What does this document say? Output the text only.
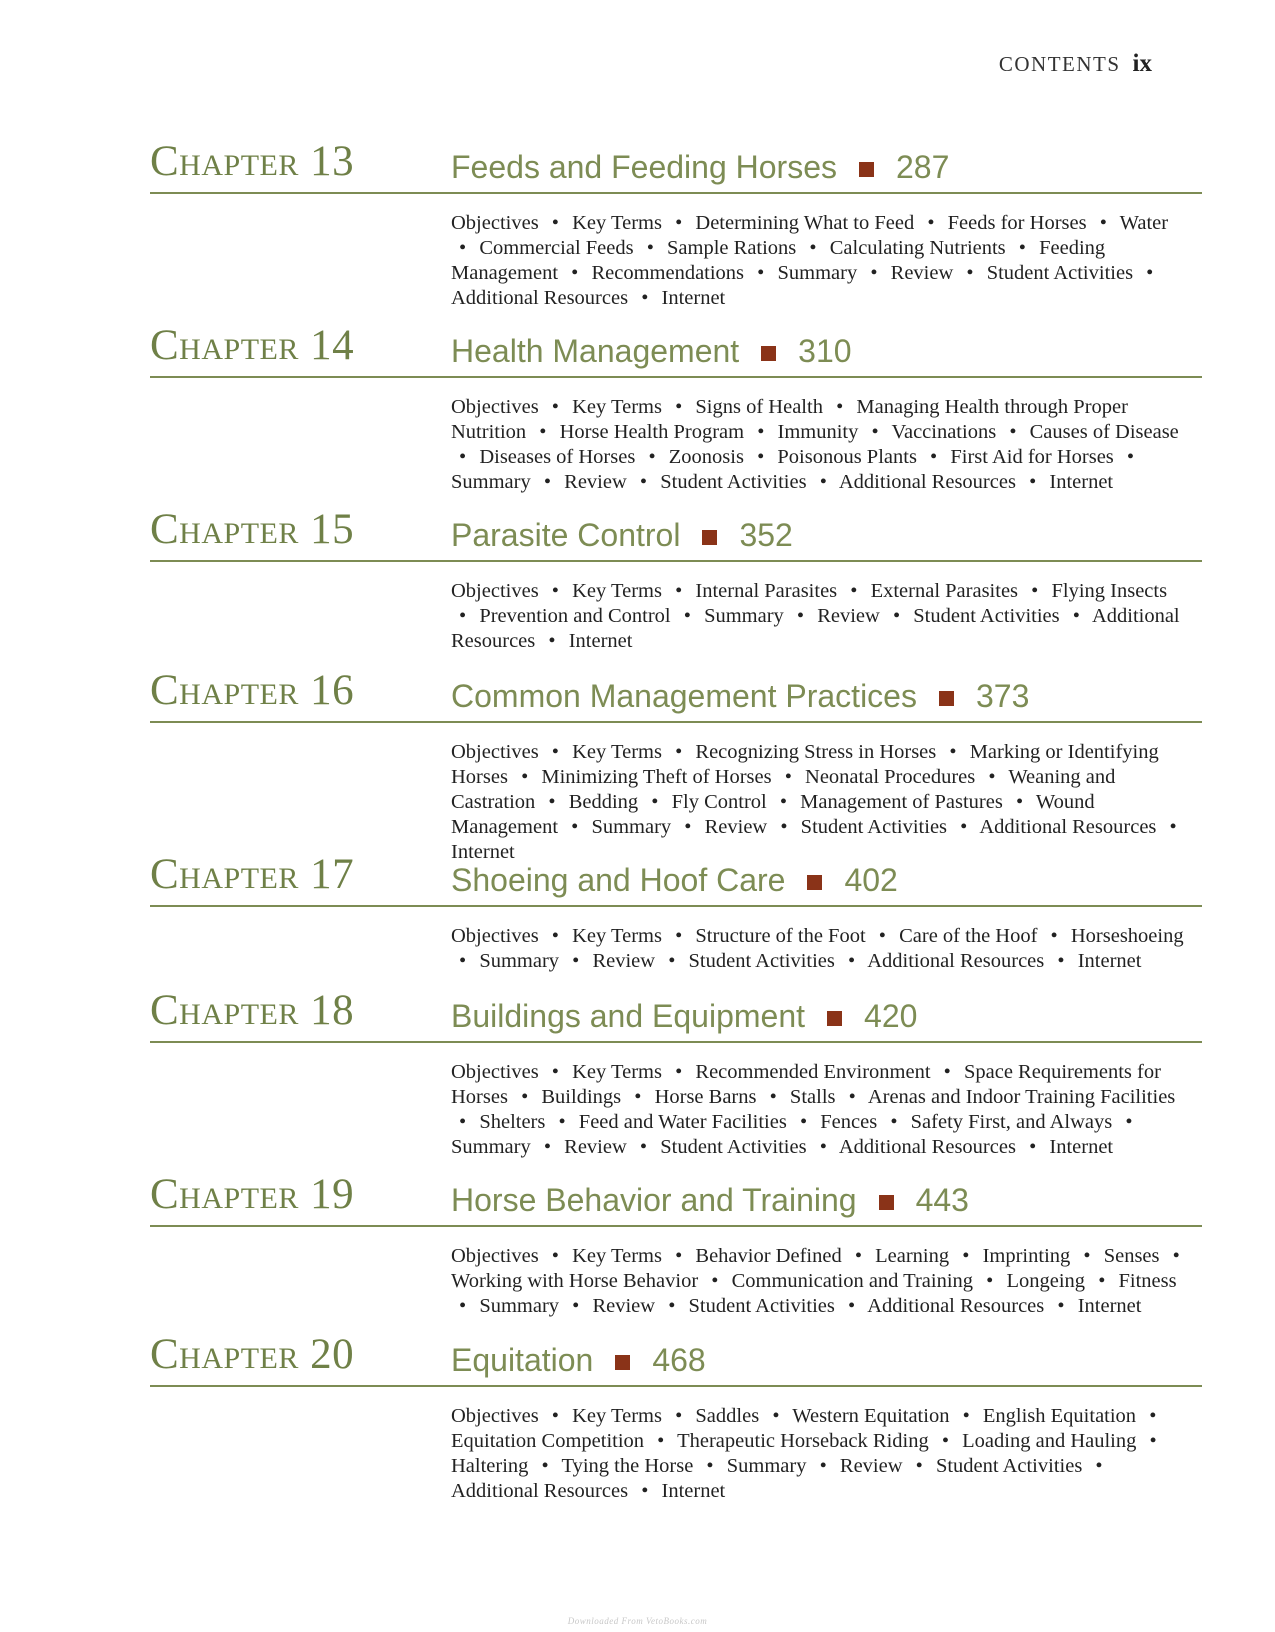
CONTENTS ix
Chapter 13	Feeds and Feeding Horses 287
Objectives • Key Terms • Determining What to Feed • Feeds for Horses • Water • Commercial Feeds • Sample Rations • Calculating Nutrients • Feeding Management • Recommendations • Summary • Review • Student Activities • Additional Resources • Internet
Chapter 14	Health Management 310
Objectives • Key Terms • Signs of Health • Managing Health through Proper Nutrition • Horse Health Program • Immunity • Vaccinations • Causes of Disease • Diseases of Horses • Zoonosis • Poisonous Plants • First Aid for Horses • Summary • Review • Student Activities • Additional Resources • Internet
Chapter 15	Parasite Control 352
Objectives • Key Terms • Internal Parasites • External Parasites • Flying Insects • Prevention and Control • Summary • Review • Student Activities • Additional Resources • Internet
Chapter 16	Common Management Practices 373
Objectives • Key Terms • Recognizing Stress in Horses • Marking or Identifying Horses • Minimizing Theft of Horses • Neonatal Procedures • Weaning and Castration • Bedding • Fly Control • Management of Pastures • Wound Management • Summary • Review • Student Activities • Additional Resources • Internet
Chapter 17	Shoeing and Hoof Care 402
Objectives • Key Terms • Structure of the Foot • Care of the Hoof • Horseshoeing • Summary • Review • Student Activities • Additional Resources • Internet
Chapter 18	Buildings and Equipment 420
Objectives • Key Terms • Recommended Environment • Space Requirements for Horses • Buildings • Horse Barns • Stalls • Arenas and Indoor Training Facilities • Shelters • Feed and Water Facilities • Fences • Safety First, and Always • Summary • Review • Student Activities • Additional Resources • Internet
Chapter 19	Horse Behavior and Training 443
Objectives • Key Terms • Behavior Defined • Learning • Imprinting • Senses • Working with Horse Behavior • Communication and Training • Longeing • Fitness • Summary • Review • Student Activities • Additional Resources • Internet
Chapter 20	Equitation 468
Objectives • Key Terms • Saddles • Western Equitation • English Equitation • Equitation Competition • Therapeutic Horseback Riding • Loading and Hauling • Haltering • Tying the Horse • Summary • Review • Student Activities • Additional Resources • Internet
Downloaded From VetoBooks.com
